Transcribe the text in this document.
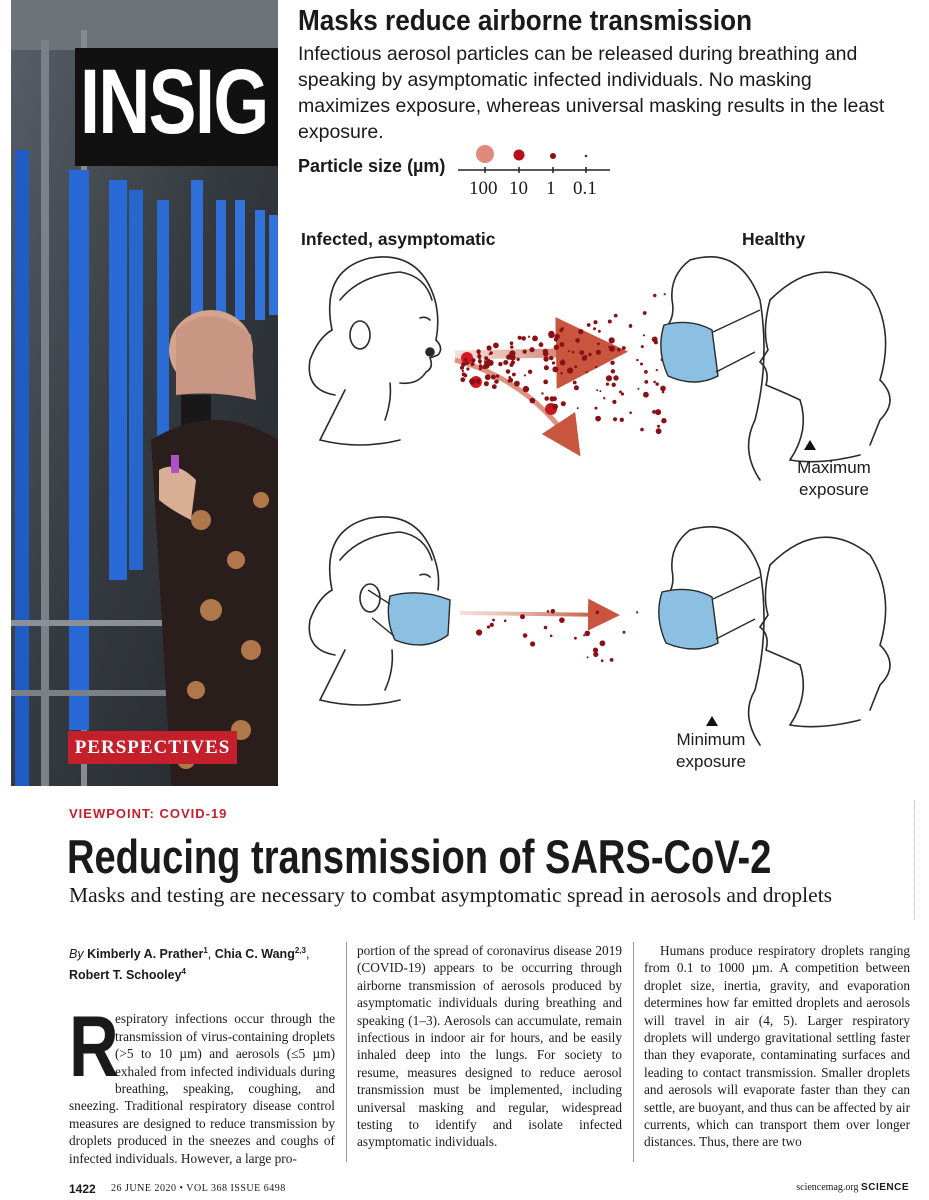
INSIG
PERSPECTIVES
Masks reduce airborne transmission
Infectious aerosol particles can be released during breathing and speaking by asymptomatic infected individuals. No masking maximizes exposure, whereas universal masking results in the least exposure.
Particle size (µm)
100 10 1 0.1
Infected, asymptomatic	Healthy
Maximum
exposure
Minimum
exposure
VIEWPOINT: COVID-19
Reducing transmission of SARS-CoV-2
Masks and testing are necessary to combat asymptomatic spread in aerosols and droplets
By Kimberly A. Prather$^1$, Chia C. Wang$^{2,3}$,
Robert T. Schooley$^4$
R
espiratory infections occur through the transmission of virus-containing droplets (>5 to 10 µm) and aerosols (≤5 µm) exhaled from infected individuals during breathing, speaking, coughing, and sneezing. Traditional respiratory disease control measures are designed to reduce transmission by droplets produced in the sneezes and coughs of infected individuals. However, a large pro-
portion of the spread of coronavirus disease 2019 (COVID-19) appears to be occurring through airborne transmission of aerosols produced by asymptomatic individuals during breathing and speaking (1–3). Aerosols can accumulate, remain infectious in indoor air for hours, and be easily inhaled deep into the lungs. For society to resume, measures designed to reduce aerosol transmission must be implemented, including universal masking and regular, widespread testing to identify and isolate infected asymptomatic individuals.
Humans produce respiratory droplets ranging from 0.1 to 1000 µm. A competition between droplet size, inertia, gravity, and evaporation determines how far emitted droplets and aerosols will travel in air (4, 5). Larger respiratory droplets will undergo gravitational settling faster than they evaporate, contaminating surfaces and leading to contact transmission. Smaller droplets and aerosols will evaporate faster than they can settle, are buoyant, and thus can be affected by air currents, which can transport them over longer distances. Thus, there are two
1422 26 JUNE 2020 • VOL 368 ISSUE 6498	sciencemag.org SCIENCE
